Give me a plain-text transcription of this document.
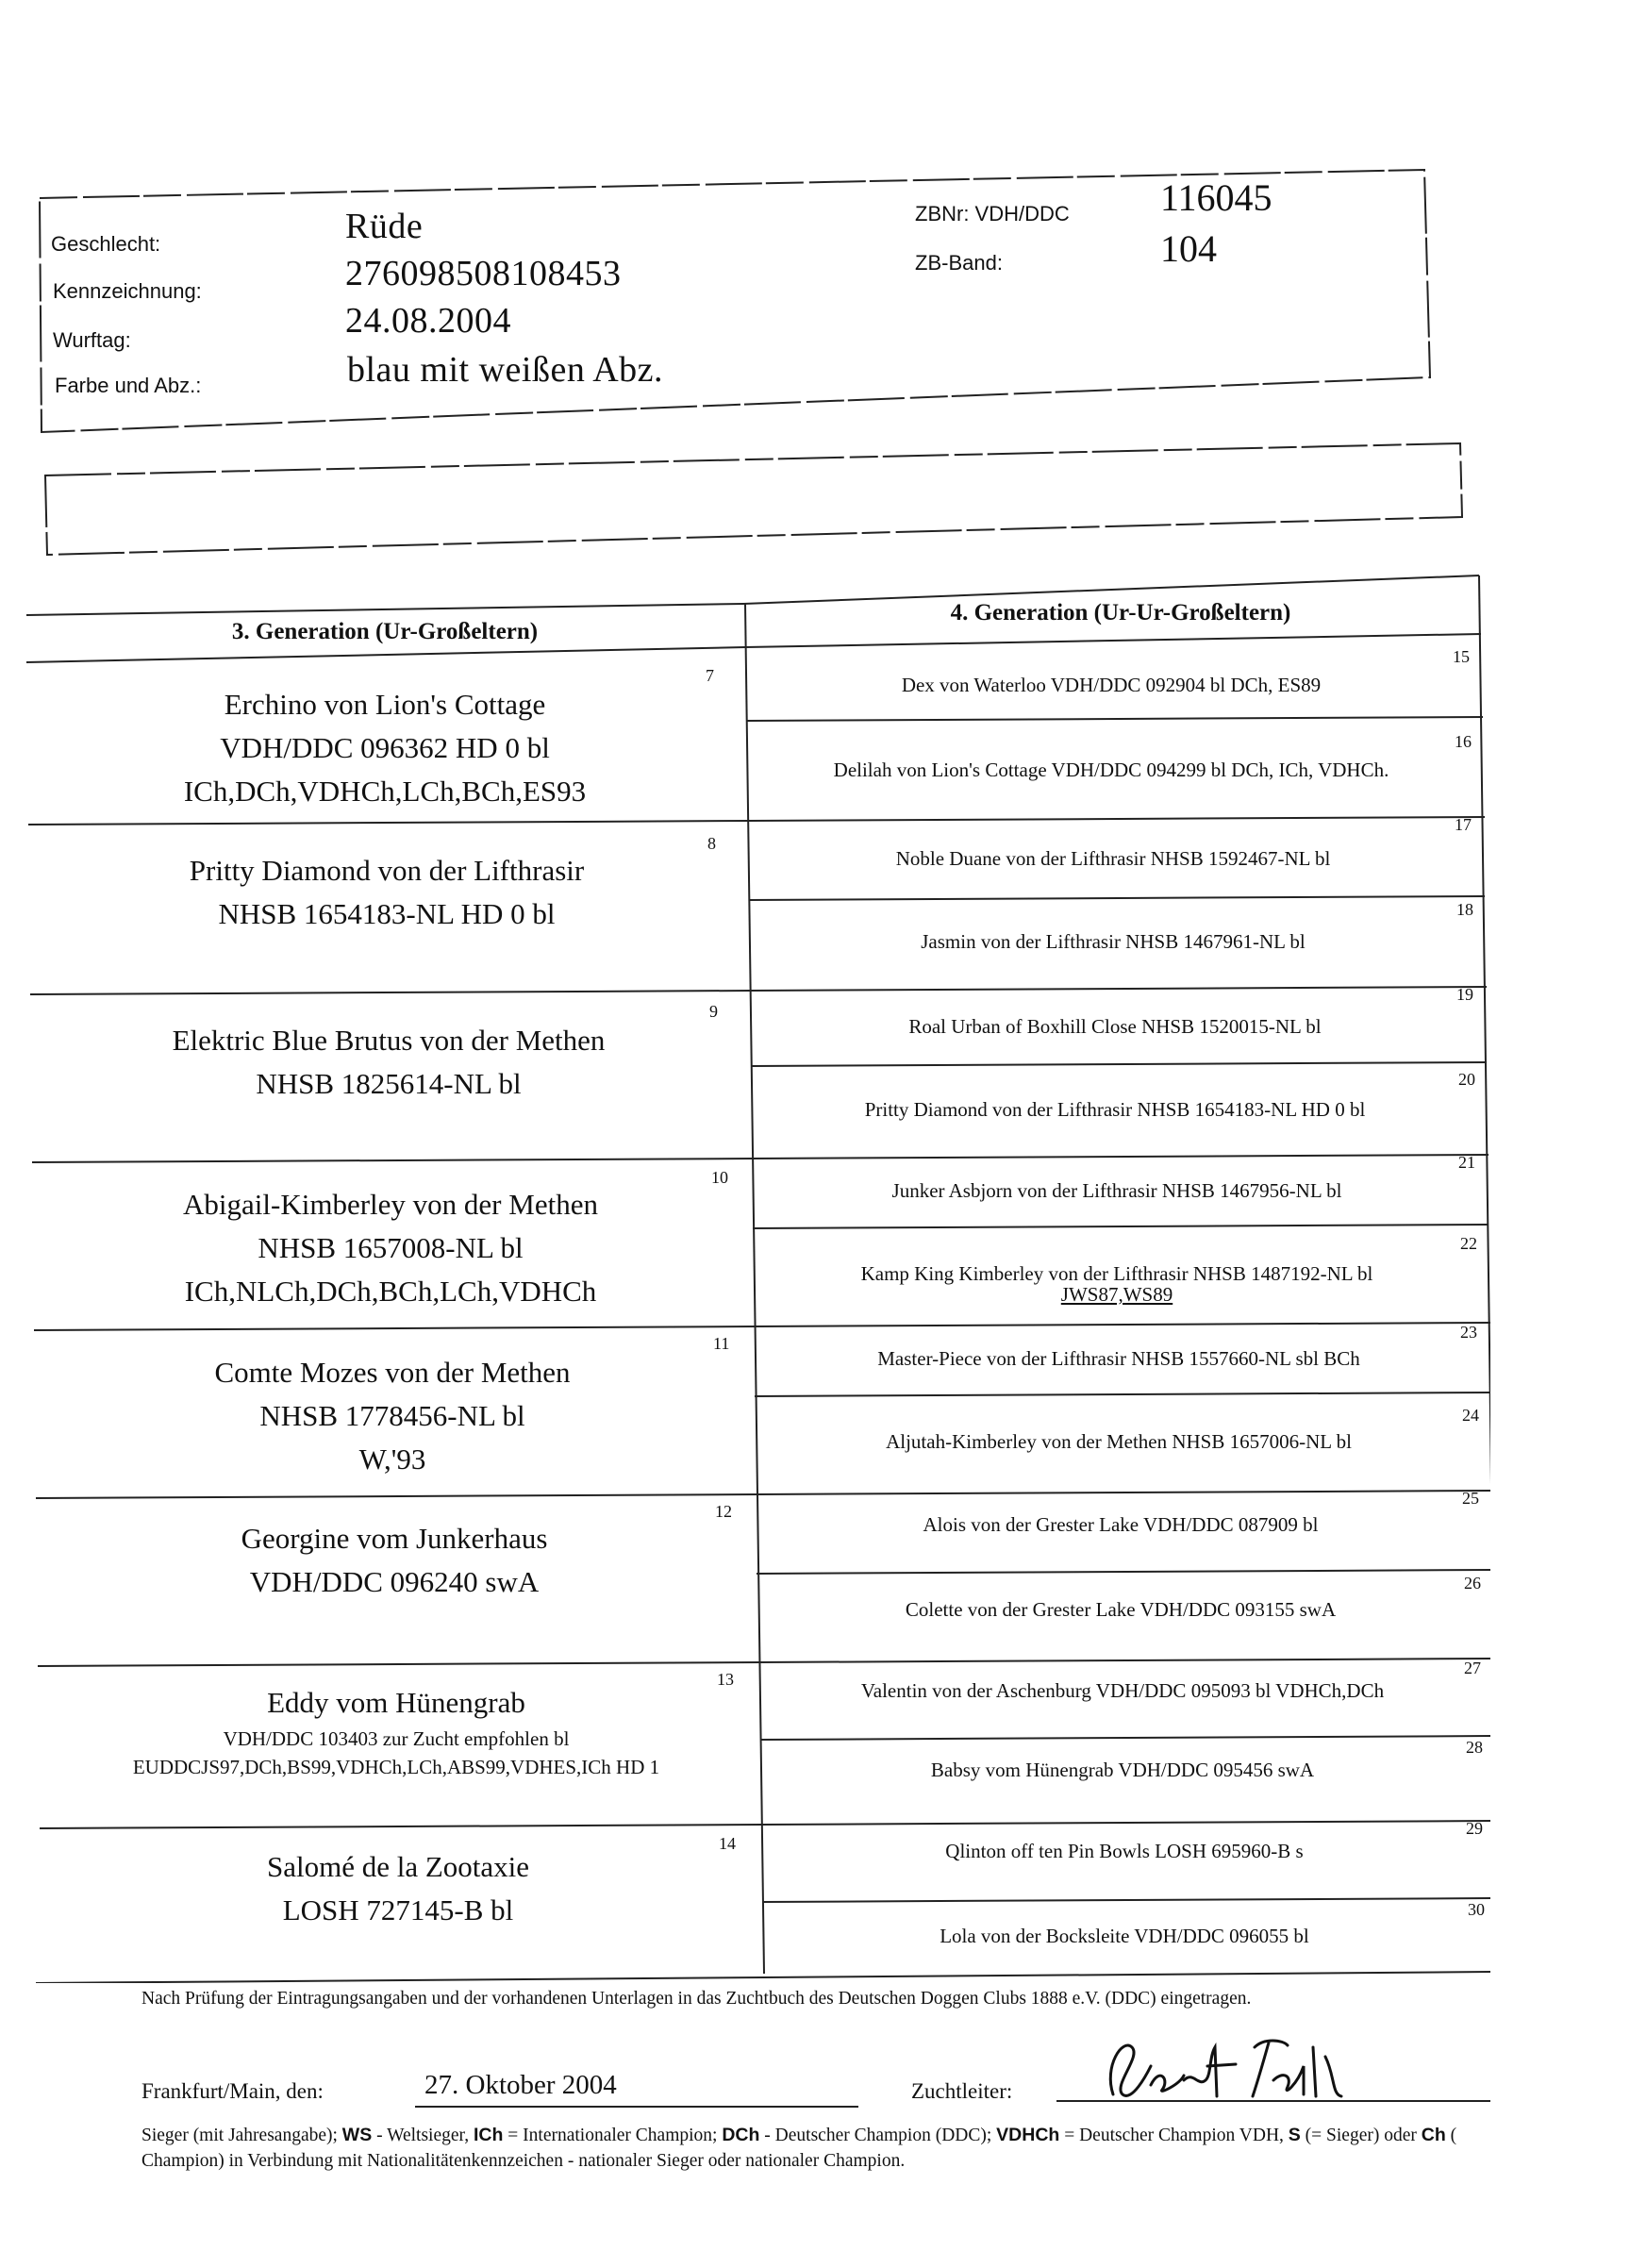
Geschlecht:
Kennzeichnung:
Wurftag:
Farbe und Abz.:
Rüde
276098508108453
24.08.2004
blau mit weißen Abz.
ZBNr: VDH/DDC
ZB-Band:
116045
104
3. Generation (Ur-Großeltern)
4. Generation (Ur-Ur-Großeltern)
Erchino von Lion's Cottage
VDH/DDC 096362 HD 0 bl
ICh,DCh,VDHCh,LCh,BCh,ES93
7
Pritty Diamond von der Lifthrasir
NHSB 1654183-NL HD 0 bl
8
Elektric Blue Brutus von der Methen
NHSB 1825614-NL bl
9
Abigail-Kimberley von der Methen
NHSB 1657008-NL bl
ICh,NLCh,DCh,BCh,LCh,VDHCh
10
Comte Mozes von der Methen
NHSB 1778456-NL bl
W,'93
11
Georgine vom Junkerhaus
VDH/DDC 096240 swA
12
Eddy vom Hünengrab
VDH/DDC 103403 zur Zucht empfohlen bl
EUDDCJS97,DCh,BS99,VDHCh,LCh,ABS99,VDHES,ICh HD 1
13
Salomé de la Zootaxie
LOSH 727145-B bl
14
Dex von Waterloo VDH/DDC 092904 bl DCh, ES89
15
Delilah von Lion's Cottage VDH/DDC 094299 bl DCh, ICh, VDHCh.
16
Noble Duane von der Lifthrasir NHSB 1592467-NL bl
17
Jasmin von der Lifthrasir NHSB 1467961-NL bl
18
Roal Urban of Boxhill Close NHSB 1520015-NL bl
19
Pritty Diamond von der Lifthrasir NHSB 1654183-NL HD 0 bl
20
Junker Asbjorn von der Lifthrasir NHSB 1467956-NL bl
21
Kamp King Kimberley von der Lifthrasir NHSB 1487192-NL bl
JWS87,WS89
22
Master-Piece von der Lifthrasir NHSB 1557660-NL sbl BCh
23
Aljutah-Kimberley von der Methen NHSB 1657006-NL bl
24
Alois von der Grester Lake VDH/DDC 087909 bl
25
Colette von der Grester Lake VDH/DDC 093155 swA
26
Valentin von der Aschenburg VDH/DDC 095093 bl VDHCh,DCh
27
Babsy vom Hünengrab VDH/DDC 095456 swA
28
Qlinton off ten Pin Bowls LOSH 695960-B s
29
Lola von der Bocksleite VDH/DDC 096055 bl
30
Nach Prüfung der Eintragungsangaben und der vorhandenen Unterlagen in das Zuchtbuch des Deutschen Doggen Clubs 1888 e.V. (DDC) eingetragen.
Frankfurt/Main, den:	27. Oktober 2004	Zuchtleiter:
Sieger (mit Jahresangabe); WS - Weltsieger, ICh = Internationaler Champion; DCh - Deutscher Champion (DDC); VDHCh = Deutscher Champion VDH, S (= Sieger) oder Ch ( Champion) in Verbindung mit Nationalitätenkennzeichen - nationaler Sieger oder nationaler Champion.
